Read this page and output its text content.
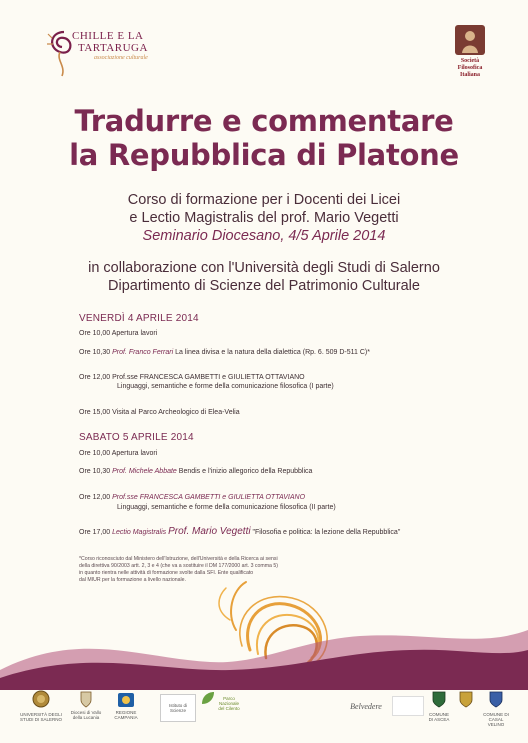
CHILLE E LA
TARTARUGA
associazione culturale	Società
Filosofica
Italiana
Tradurre e commentare
la Repubblica di Platone
Corso di formazione per i Docenti dei Licei
e Lectio Magistralis del prof. Mario Vegetti
Seminario Diocesano, 4/5 Aprile 2014
in collaborazione con l'Università degli Studi di Salerno
Dipartimento di Scienze del Patrimonio Culturale
VENERDÌ 4 APRILE 2014
Ore 10,00 Apertura lavori
Ore 10,30 Prof. Franco Ferrari La linea divisa e la natura della dialettica (Rp. 6. 509 D-511 C)*
Ore 12,00 Prof.sse FRANCESCA GAMBETTI e GIULIETTA OTTAVIANO
Linguaggi, semantiche e forme della comunicazione filosofica (I parte)
Ore 15,00 Visita al Parco Archeologico di Elea-Velia
SABATO 5 APRILE 2014
Ore 10,00 Apertura lavori
Ore 10,30 Prof. Michele Abbate Bendis e l'inizio allegorico della Repubblica
Ore 12,00 Prof.sse FRANCESCA GAMBETTI e GIULIETTA OTTAVIANO
Linguaggi, semantiche e forme della comunicazione filosofica (II parte)
Ore 17,00 Lectio Magistralis Prof. Mario Vegetti "Filosofia e politica: la lezione della Repubblica"
*Corso riconosciuto dal Ministero dell'Istruzione, dell'Università e della Ricerca ai sensi
della direttiva 90/2003 artt. 2, 3 e 4 (che va a sostituire il DM 177/2000 art. 3 comma 5)
in quanto rientra nelle attività di formazione svolte dalla SFI. Ente qualificato
dal MIUR per la formazione a livello nazionale.
UNIVERSITÀ DEGLI STUDI DI SALERNO
Diocesi di Vallo della Lucania
REGIONE CAMPANIA
Istituto di Scienze
Parco Nazionale del Cilento	Belvedere
COMUNE DI ASCEA
COMUNE DI CASAL VELINO
